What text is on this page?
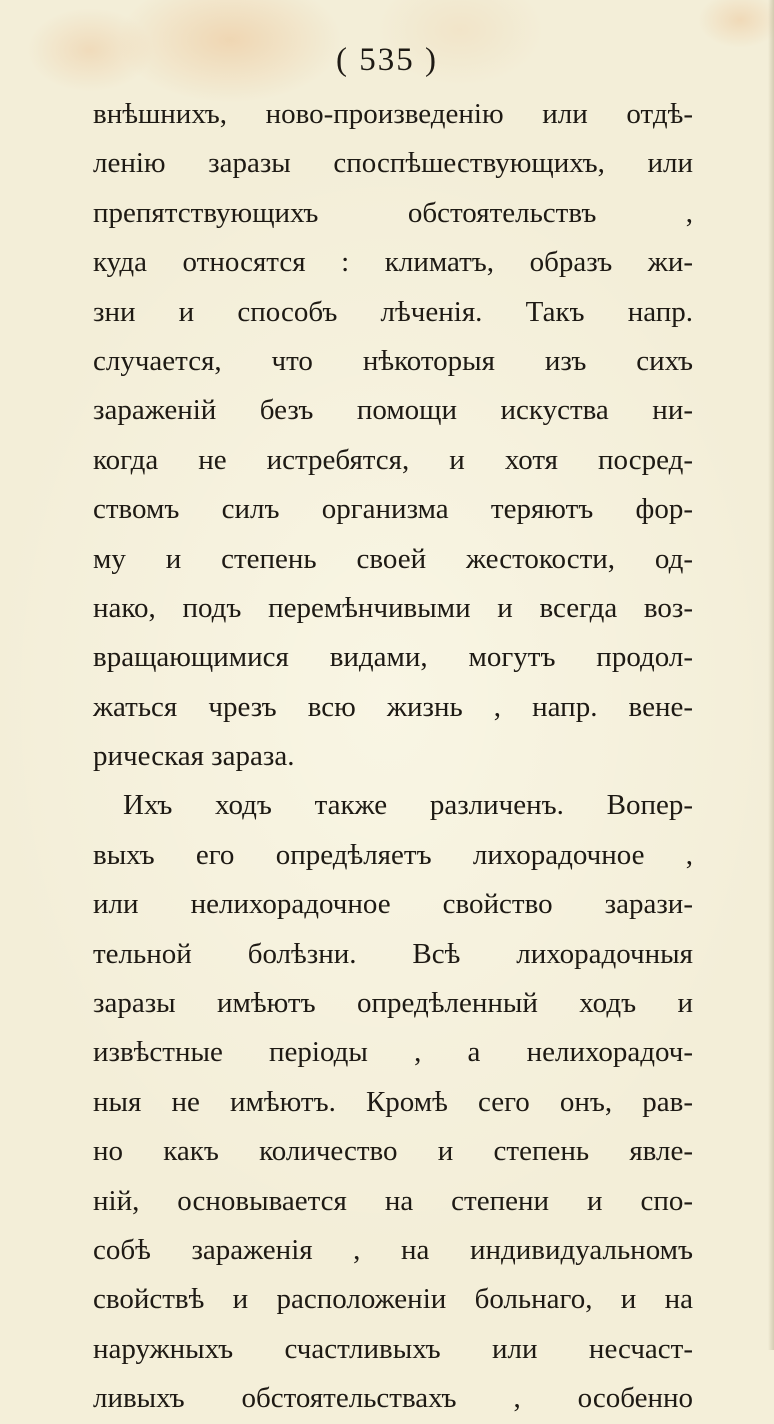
( 535 )
внѣшнихъ, ново-произведенію или отдѣ-
ленію заразы споспѣшествующихъ, или
препятствующихъ обстоятельствъ ,
куда относятся : климатъ, образъ жи-
зни и способъ лѣченія. Такъ напр.
случается, что нѣкоторыя изъ сихъ
зараженій безъ помощи искуства ни-
когда не истребятся, и хотя посред-
ствомъ силъ организма теряютъ фор-
му и степень своей жестокости, од-
нако, подъ перемѣнчивыми и всегда воз-
вращающимися видами, могутъ продол-
жаться чрезъ всю жизнь , напр. вене-
рическая зараза.
Ихъ ходъ также различенъ. Вопер-
выхъ его опредѣляетъ лихорадочное ,
или нелихорадочное свойство зарази-
тельной болѣзни. Всѣ лихорадочныя
заразы имѣютъ опредѣленный ходъ и
извѣстные періоды , а нелихорадоч-
ныя не имѣютъ. Кромѣ сего онъ, рав-
но какъ количество и степень явле-
ній, основывается на степени и спо-
собѣ зараженія , на индивидуальномъ
свойствѣ и расположеніи больнаго, и на
наружныхъ счастливыхъ или несчаст-
ливыхъ обстоятельствахъ , особенно
